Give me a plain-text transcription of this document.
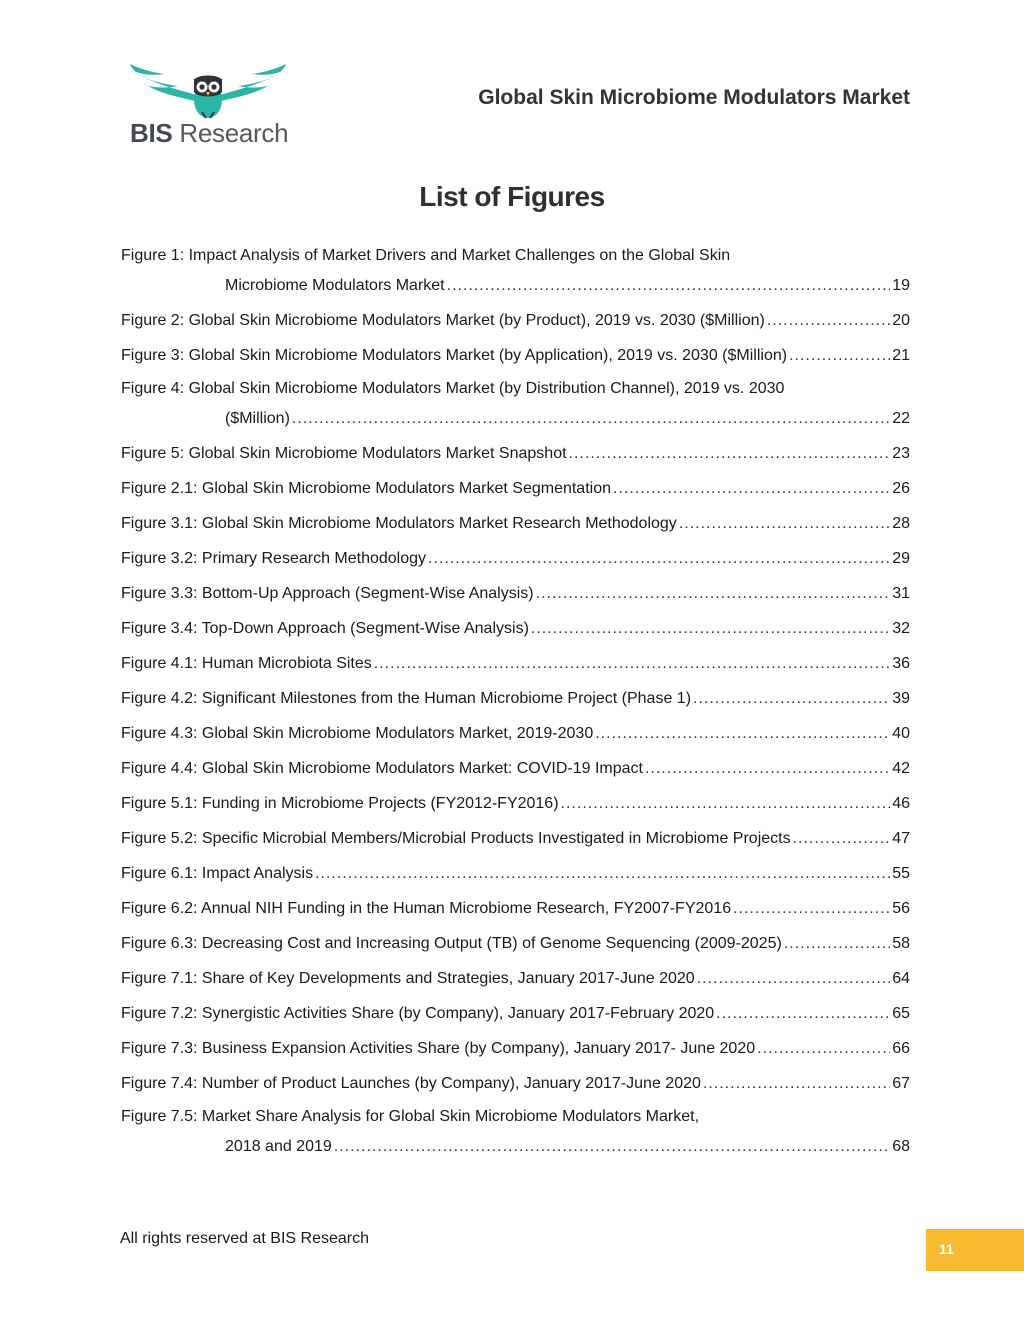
BIS Research
Global Skin Microbiome Modulators Market
List of Figures
Figure 1: Impact Analysis of Market Drivers and Market Challenges on the Global Skin
Microbiome Modulators Market .....	19
Figure 2: Global Skin Microbiome Modulators Market (by Product), 2019 vs. 2030 ($Million) .....	20
Figure 3: Global Skin Microbiome Modulators Market (by Application), 2019 vs. 2030 ($Million) .....	21
Figure 4: Global Skin Microbiome Modulators Market (by Distribution Channel), 2019 vs. 2030
($Million) .....	22
Figure 5: Global Skin Microbiome Modulators Market Snapshot .....	23
Figure 2.1: Global Skin Microbiome Modulators Market Segmentation .....	26
Figure 3.1: Global Skin Microbiome Modulators Market Research Methodology .....	28
Figure 3.2: Primary Research Methodology .....	29
Figure 3.3: Bottom-Up Approach (Segment-Wise Analysis) .....	31
Figure 3.4: Top-Down Approach (Segment-Wise Analysis) .....	32
Figure 4.1: Human Microbiota Sites .....	36
Figure 4.2: Significant Milestones from the Human Microbiome Project (Phase 1) .....	39
Figure 4.3: Global Skin Microbiome Modulators Market, 2019-2030 .....	40
Figure 4.4: Global Skin Microbiome Modulators Market: COVID-19 Impact .....	42
Figure 5.1: Funding in Microbiome Projects (FY2012-FY2016) .....	46
Figure 5.2: Specific Microbial Members/Microbial Products Investigated in Microbiome Projects .....	47
Figure 6.1: Impact Analysis .....	55
Figure 6.2: Annual NIH Funding in the Human Microbiome Research, FY2007-FY2016 .....	56
Figure 6.3: Decreasing Cost and Increasing Output (TB) of Genome Sequencing (2009-2025) .....	58
Figure 7.1: Share of Key Developments and Strategies, January 2017-June 2020 .....	64
Figure 7.2: Synergistic Activities Share (by Company), January 2017-February 2020 .....	65
Figure 7.3: Business Expansion Activities Share (by Company), January 2017- June 2020 .....	66
Figure 7.4: Number of Product Launches (by Company), January 2017-June 2020 .....	67
Figure 7.5: Market Share Analysis for Global Skin Microbiome Modulators Market,
2018 and 2019 .....	68
All rights reserved at BIS Research
11
